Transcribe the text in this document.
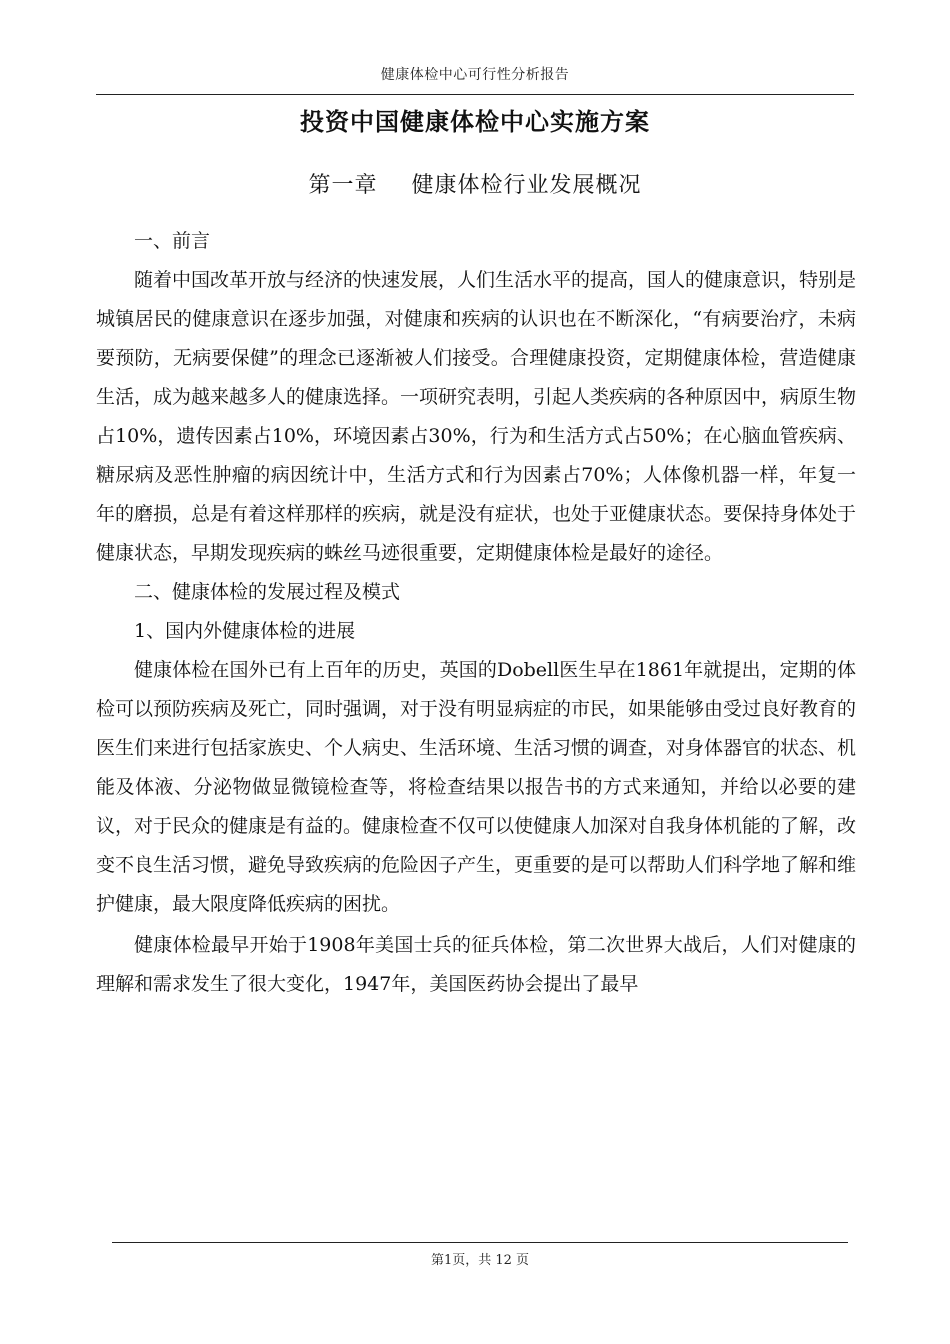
健康体检中心可行性分析报告
投资中国健康体检中心实施方案
第一章 健康体检行业发展概况

一、前言

随着中国改革开放与经济的快速发展，人们生活水平的提高，国人的健康意识，特别是城镇居民的健康意识在逐步加强，对健康和疾病的认识也在不断深化，“有病要治疗，未病要预防，无病要保健”的理念已逐渐被人们接受。合理健康投资，定期健康体检，营造健康生活，成为越来越多人的健康选择。一项研究表明，引起人类疾病的各种原因中，病原生物占10%，遗传因素占10%，环境因素占30%，行为和生活方式占50%；在心脑血管疾病、糖尿病及恶性肿瘤的病因统计中，生活方式和行为因素占70%；人体像机器一样，年复一年的磨损，总是有着这样那样的疾病，就是没有症状，也处于亚健康状态。要保持身体处于健康状态，早期发现疾病的蛛丝马迹很重要，定期健康体检是最好的途径。

二、健康体检的发展过程及模式

1、国内外健康体检的进展

健康体检在国外已有上百年的历史，英国的Dobell医生早在1861年就提出，定期的体检可以预防疾病及死亡，同时强调，对于没有明显病症的市民，如果能够由受过良好教育的医生们来进行包括家族史、个人病史、生活环境、生活习惯的调查，对身体器官的状态、机能及体液、分泌物做显微镜检查等，将检查结果以报告书的方式来通知，并给以必要的建议，对于民众的健康是有益的。健康检查不仅可以使健康人加深对自我身体机能的了解，改变不良生活习惯，避免导致疾病的危险因子产生，更重要的是可以帮助人们科学地了解和维护健康，最大限度降低疾病的困扰。

健康体检最早开始于1908年美国士兵的征兵体检，第二次世界大战后，人们对健康的理解和需求发生了很大变化，1947年，美国医药协会提出了最早

第1页，共 12 页
